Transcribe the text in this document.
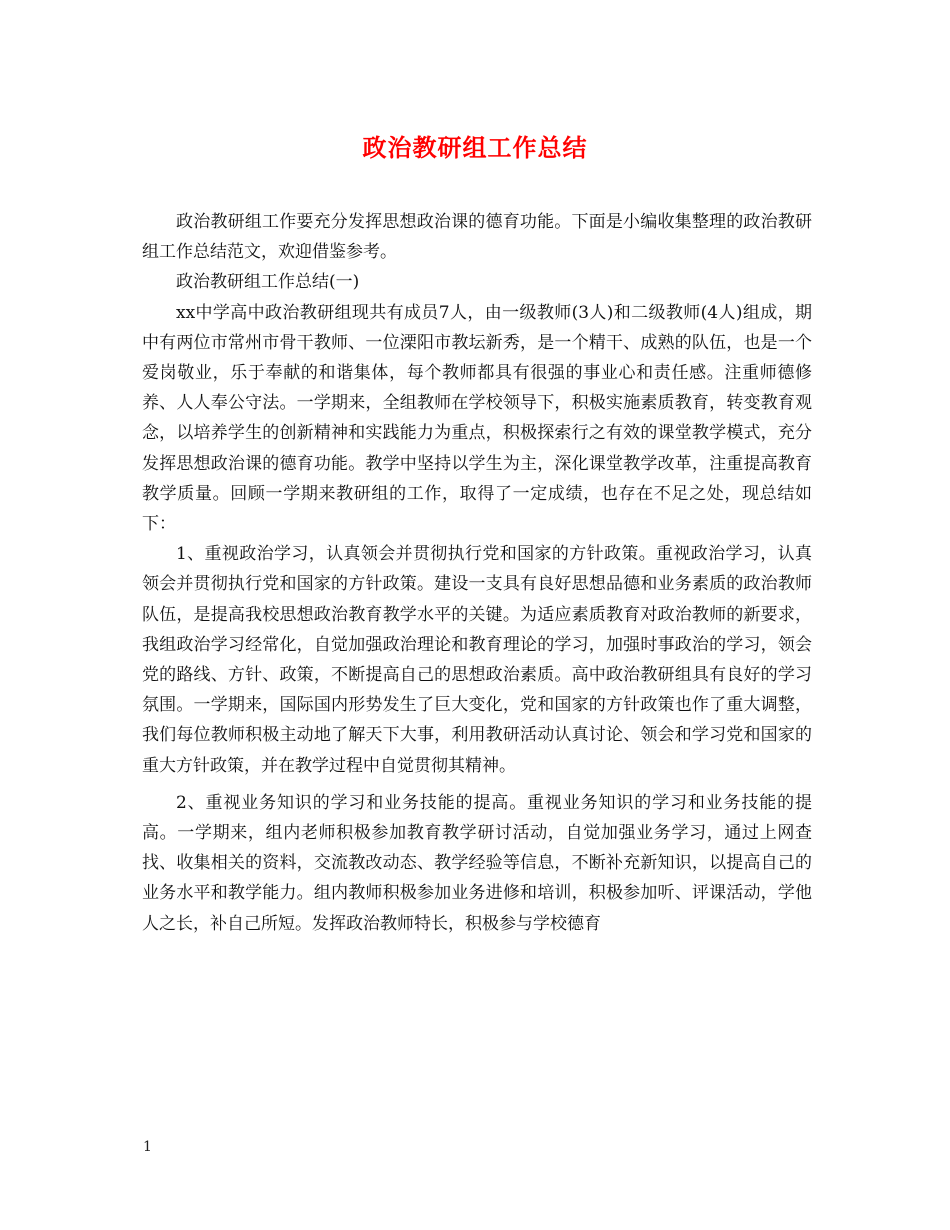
政治教研组工作总结

政治教研组工作要充分发挥思想政治课的德育功能。下面是小编收集整理的政治教研组工作总结范文，欢迎借鉴参考。

政治教研组工作总结(一)

xx中学高中政治教研组现共有成员7人，由一级教师(3人)和二级教师(4人)组成，期中有两位市常州市骨干教师、一位溧阳市教坛新秀，是一个精干、成熟的队伍，也是一个爱岗敬业，乐于奉献的和谐集体，每个教师都具有很强的事业心和责任感。注重师德修养、人人奉公守法。一学期来，全组教师在学校领导下，积极实施素质教育，转变教育观念，以培养学生的创新精神和实践能力为重点，积极探索行之有效的课堂教学模式，充分发挥思想政治课的德育功能。教学中坚持以学生为主，深化课堂教学改革，注重提高教育教学质量。回顾一学期来教研组的工作，取得了一定成绩，也存在不足之处，现总结如下：

1、重视政治学习，认真领会并贯彻执行党和国家的方针政策。重视政治学习，认真领会并贯彻执行党和国家的方针政策。建设一支具有良好思想品德和业务素质的政治教师队伍，是提高我校思想政治教育教学水平的关键。为适应素质教育对政治教师的新要求，我组政治学习经常化，自觉加强政治理论和教育理论的学习，加强时事政治的学习，领会党的路线、方针、政策，不断提高自己的思想政治素质。高中政治教研组具有良好的学习氛围。一学期来，国际国内形势发生了巨大变化，党和国家的方针政策也作了重大调整，我们每位教师积极主动地了解天下大事，利用教研活动认真讨论、领会和学习党和国家的重大方针政策，并在教学过程中自觉贯彻其精神。

2、重视业务知识的学习和业务技能的提高。重视业务知识的学习和业务技能的提高。一学期来，组内老师积极参加教育教学研讨活动，自觉加强业务学习，通过上网查找、收集相关的资料，交流教改动态、教学经验等信息，不断补充新知识，以提高自己的业务水平和教学能力。组内教师积极参加业务进修和培训，积极参加听、评课活动，学他人之长，补自己所短。发挥政治教师特长，积极参与学校德育

1
